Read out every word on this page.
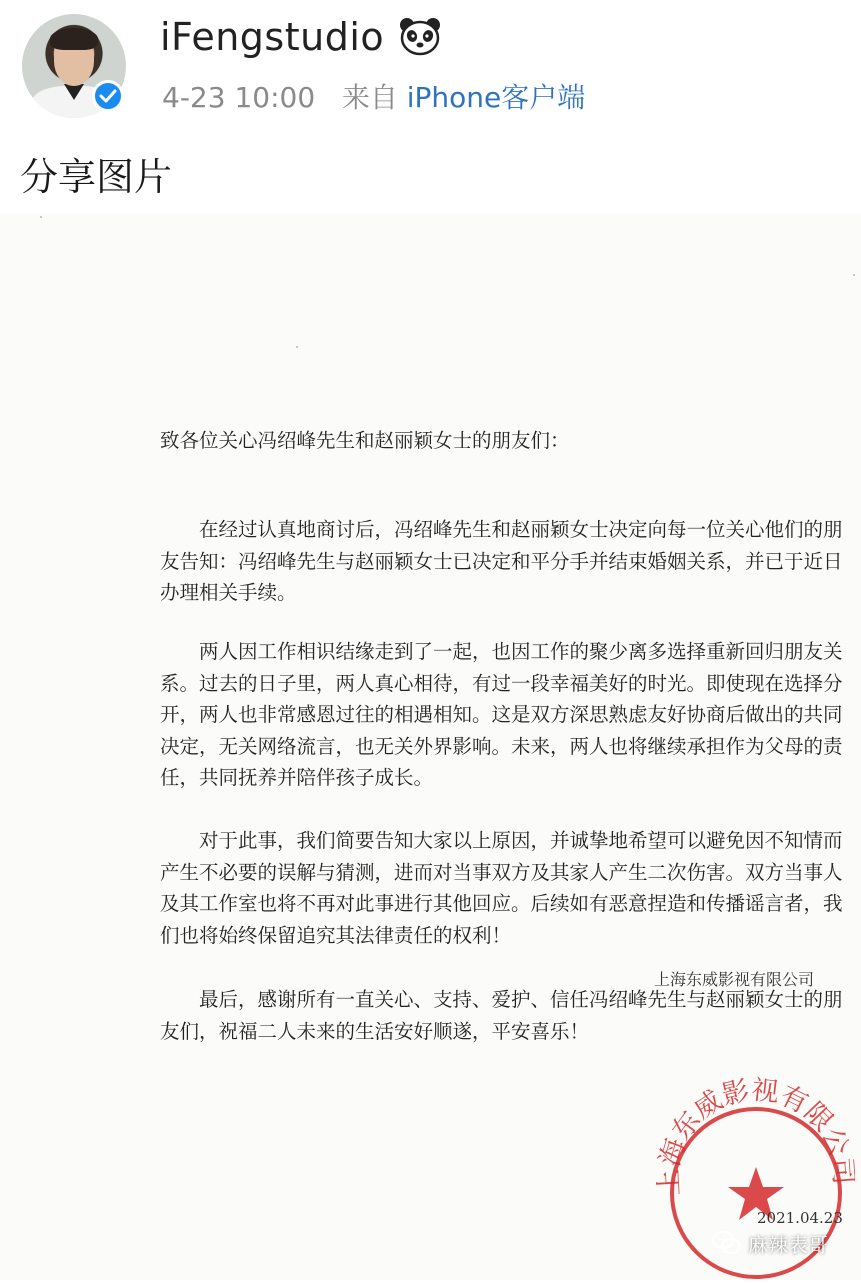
iFengstudio
4-23 10:00 来自 iPhone客户端
分享图片
致各位关心冯绍峰先生和赵丽颖女士的朋友们：
在经过认真地商讨后，冯绍峰先生和赵丽颖女士决定向每一位关心他们的朋友告知：冯绍峰先生与赵丽颖女士已决定和平分手并结束婚姻关系，并已于近日办理相关手续。
两人因工作相识结缘走到了一起，也因工作的聚少离多选择重新回归朋友关系。过去的日子里，两人真心相待，有过一段幸福美好的时光。即使现在选择分开，两人也非常感恩过往的相遇相知。这是双方深思熟虑友好协商后做出的共同决定，无关网络流言，也无关外界影响。未来，两人也将继续承担作为父母的责任，共同抚养并陪伴孩子成长。
对于此事，我们简要告知大家以上原因，并诚挚地希望可以避免因不知情而产生不必要的误解与猜测，进而对当事双方及其家人产生二次伤害。双方当事人及其工作室也将不再对此事进行其他回应。后续如有恶意捏造和传播谣言者，我们也将始终保留追究其法律责任的权利！
最后，感谢所有一直关心、支持、爱护、信任冯绍峰先生与赵丽颖女士的朋友们，祝福二人未来的生活安好顺遂，平安喜乐！
上海东威影视有限公
上海东威影视有限公司
2021.04.23
麻辣表哥
